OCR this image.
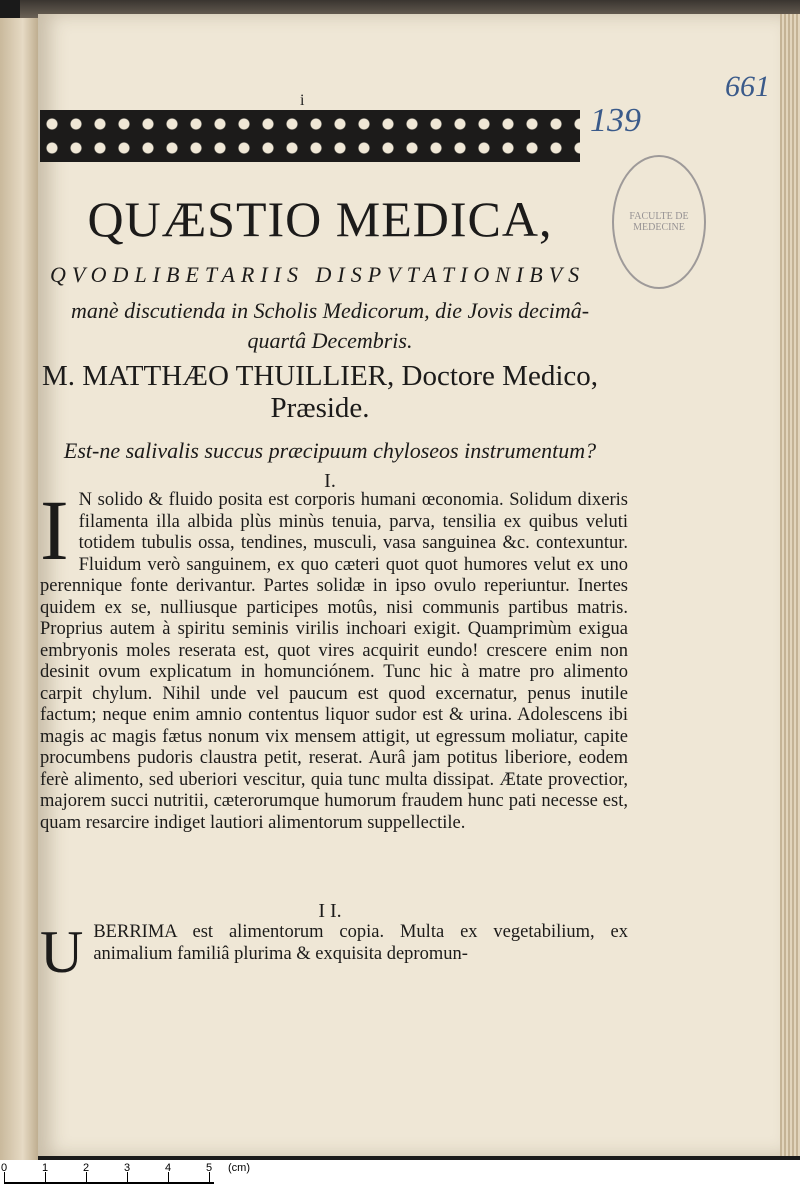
661
139
i
FACULTE DE MEDECINE
QUÆSTIO MEDICA,
QVODLIBETARIIS DISPVTATIONIBVS
manè discutienda in Scholis Medicorum, die Jovis decimâ-quartâ Decembris.
M. MATTHÆO THUILLIER, Doctore Medico, Præside.
Est-ne salivalis succus præcipuum chyloseos instrumentum?
I.
I N solido & fluido posita est corporis humani œconomia. Solidum dixeris filamenta illa albida plùs minùs tenuia, parva, tensilia ex quibus veluti totidem tubulis ossa, tendines, musculi, vasa sanguinea &c. contexuntur. Fluidum verò sanguinem, ex quo cæteri quot quot humores velut ex uno perennique fonte derivantur. Partes solidæ in ipso ovulo reperiuntur. Inertes quidem ex se, nulliusque participes motûs, nisi communis partibus matris. Proprius autem à spiritu seminis virilis inchoari exigit. Quamprimùm exigua embryonis moles reserata est, quot vires acquirit eundo! crescere enim non desinit ovum explicatum in homunciónem. Tunc hic à matre pro alimento carpit chylum. Nihil unde vel paucum est quod excernatur, penus inutile factum; neque enim amnio contentus liquor sudor est & urina. Adolescens ibi magis ac magis fætus nonum vix mensem attigit, ut egressum moliatur, capite procumbens pudoris claustra petit, reserat. Aurâ jam potitus liberiore, eodem ferè alimento, sed uberiori vescitur, quia tunc multa dissipat. Ætate provectior, majorem succi nutritii, cæterorumque humorum fraudem hunc pati necesse est, quam resarcire indiget lautiori alimentorum suppellectile.
I I.
UBERRIMA est alimentorum copia. Multa ex vegetabilium, ex animalium familiâ plurima & exquisita depromun-
0	1	2	3	4	5 (cm)
